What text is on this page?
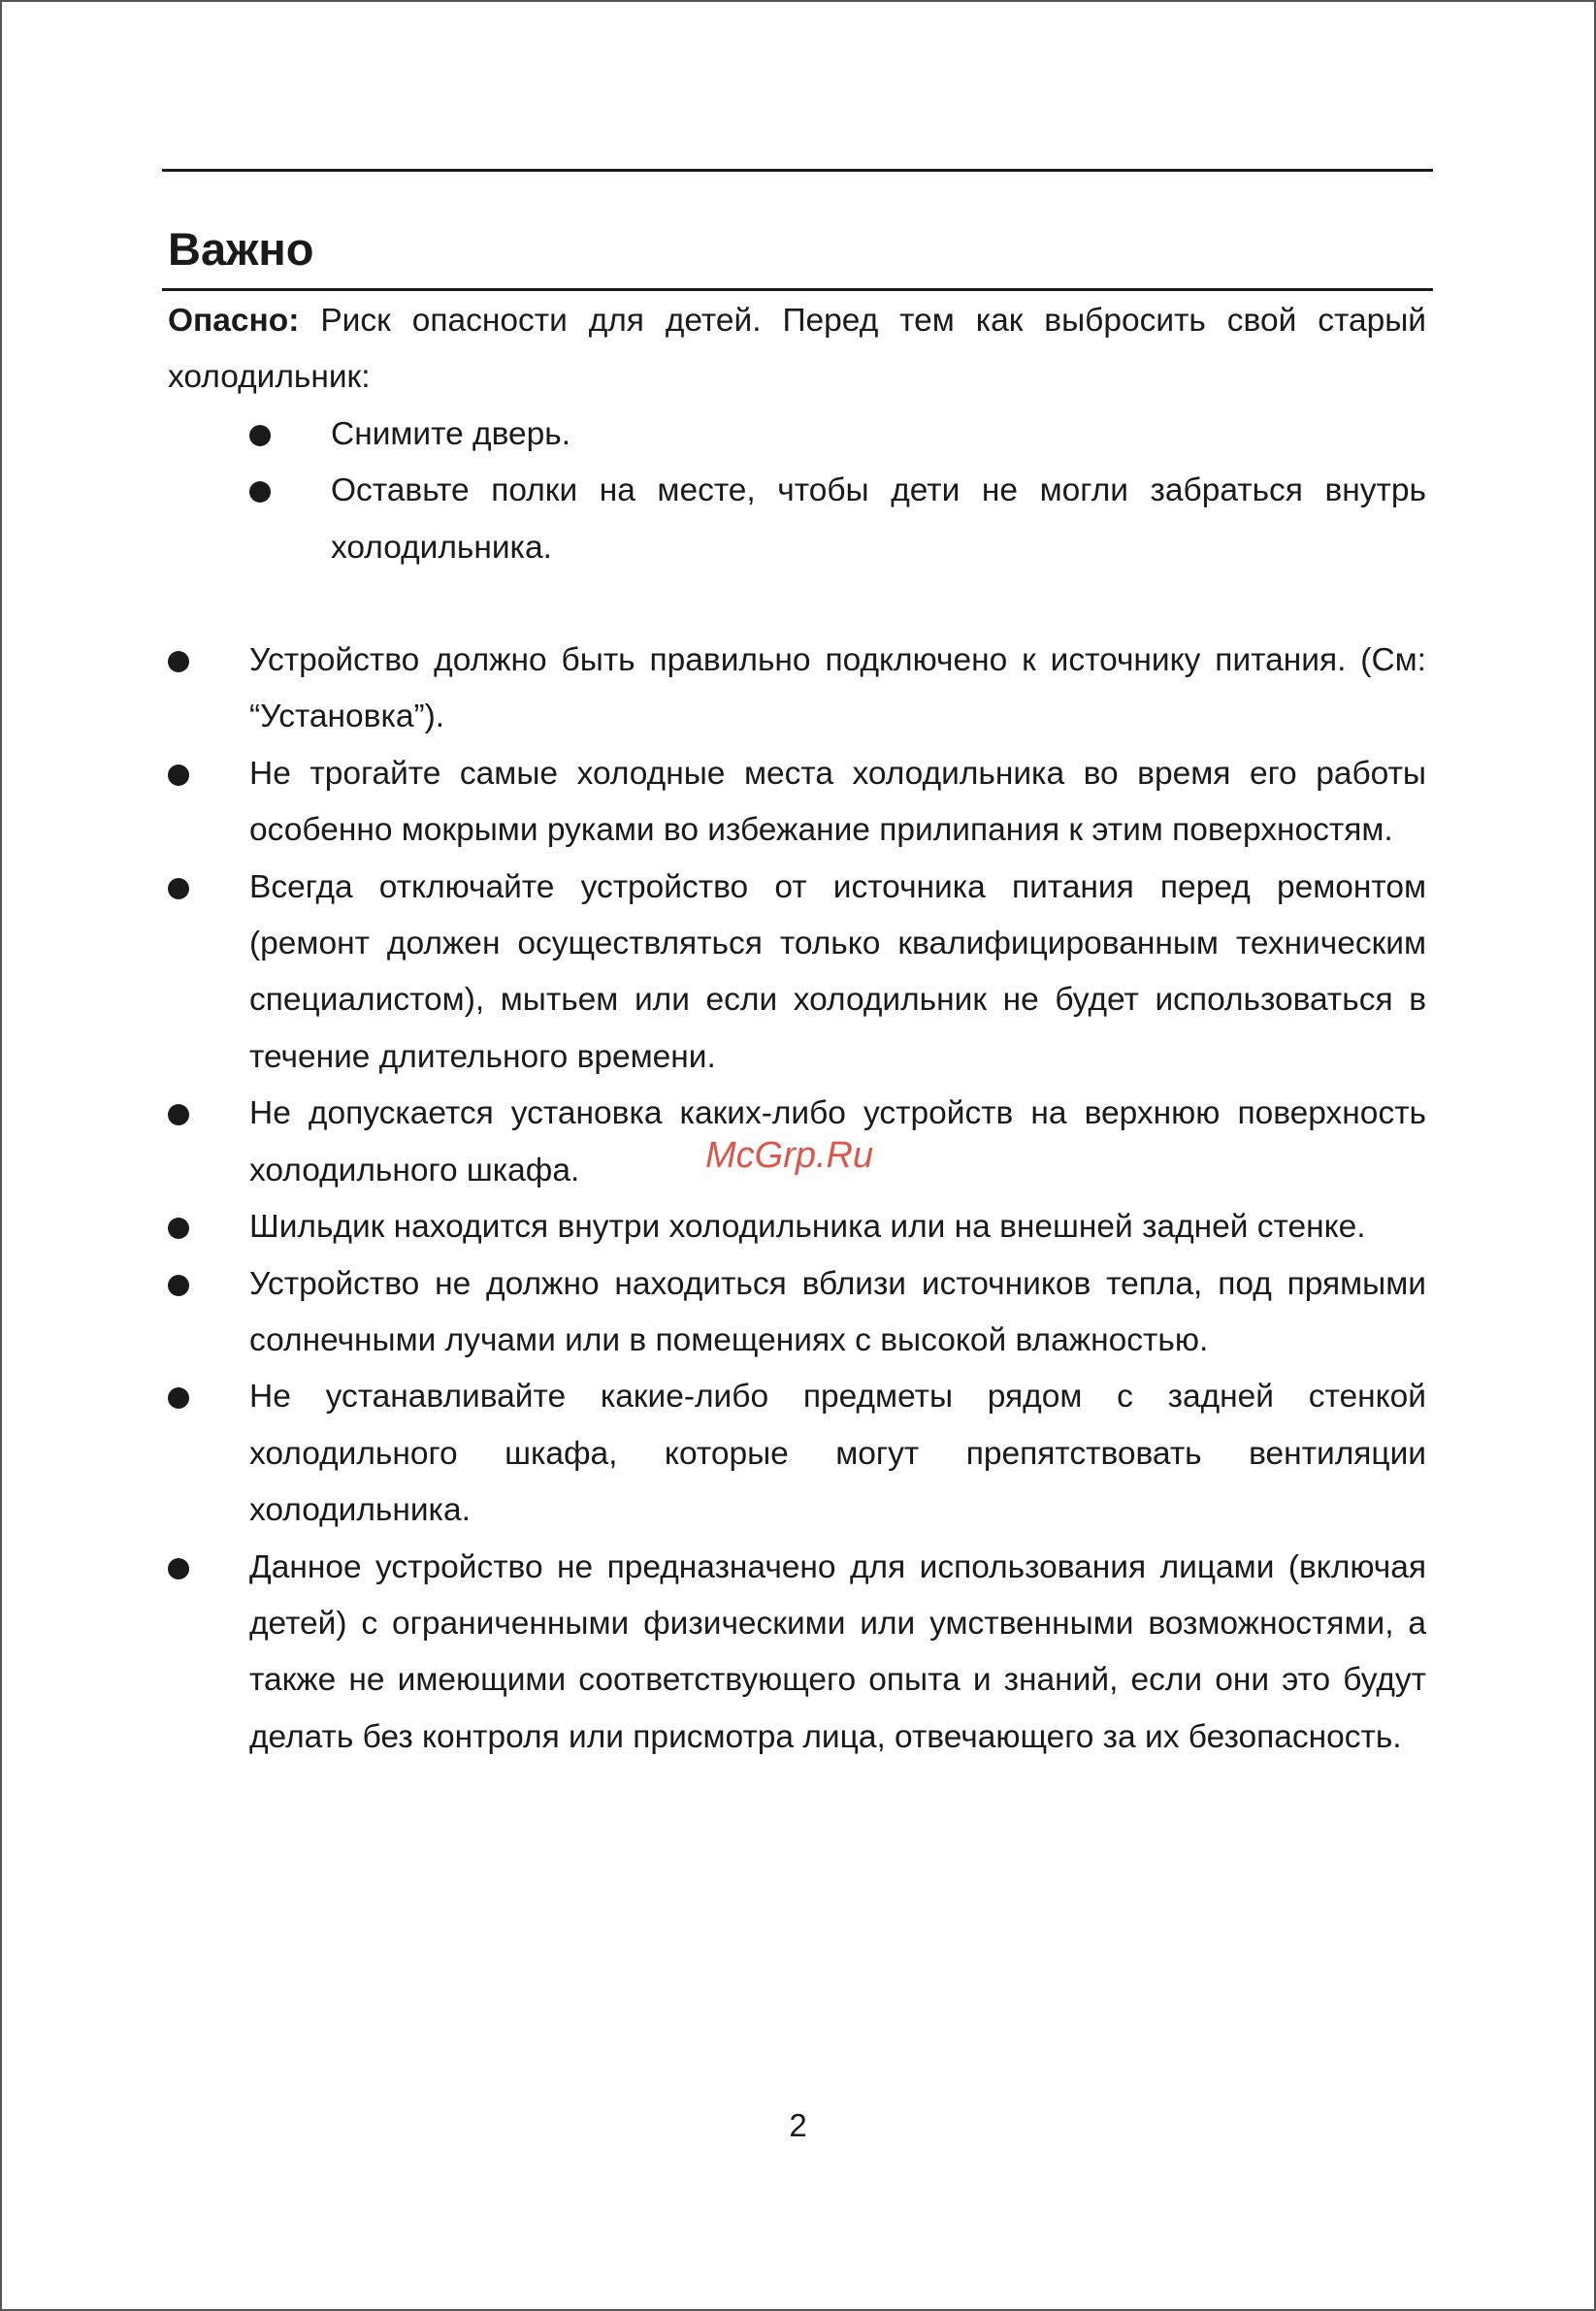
Важно

Опасно: Риск опасности для детей. Перед тем как выбросить свой старый холодильник:

Снимите дверь.
Оставьте полки на месте, чтобы дети не могли забраться внутрь холодильника.
Устройство должно быть правильно подключено к источнику питания. (См: “Установка”).
Не трогайте самые холодные места холодильника во время его работы особенно мокрыми руками во избежание прилипания к этим поверхностям.
Всегда отключайте устройство от источника питания перед ремонтом (ремонт должен осуществляться только квалифицированным техническим специалистом), мытьем или если холодильник не будет использоваться в течение длительного времени.
Не допускается установка каких-либо устройств на верхнюю поверхность холодильного шкафа.
Шильдик находится внутри холодильника или на внешней задней стенке.
Устройство не должно находиться вблизи источников тепла, под прямыми солнечными лучами или в помещениях с высокой влажностью.
Не устанавливайте какие-либо предметы рядом с задней стенкой холодильного шкафа, которые могут препятствовать вентиляции холодильника.
Данное устройство не предназначено для использования лицами (включая детей) с ограниченными физическими или умственными возможностями, а также не имеющими соответствующего опыта и знаний, если они это будут делать без контроля или присмотра лица, отвечающего за их безопасность.
McGrp.Ru
2
